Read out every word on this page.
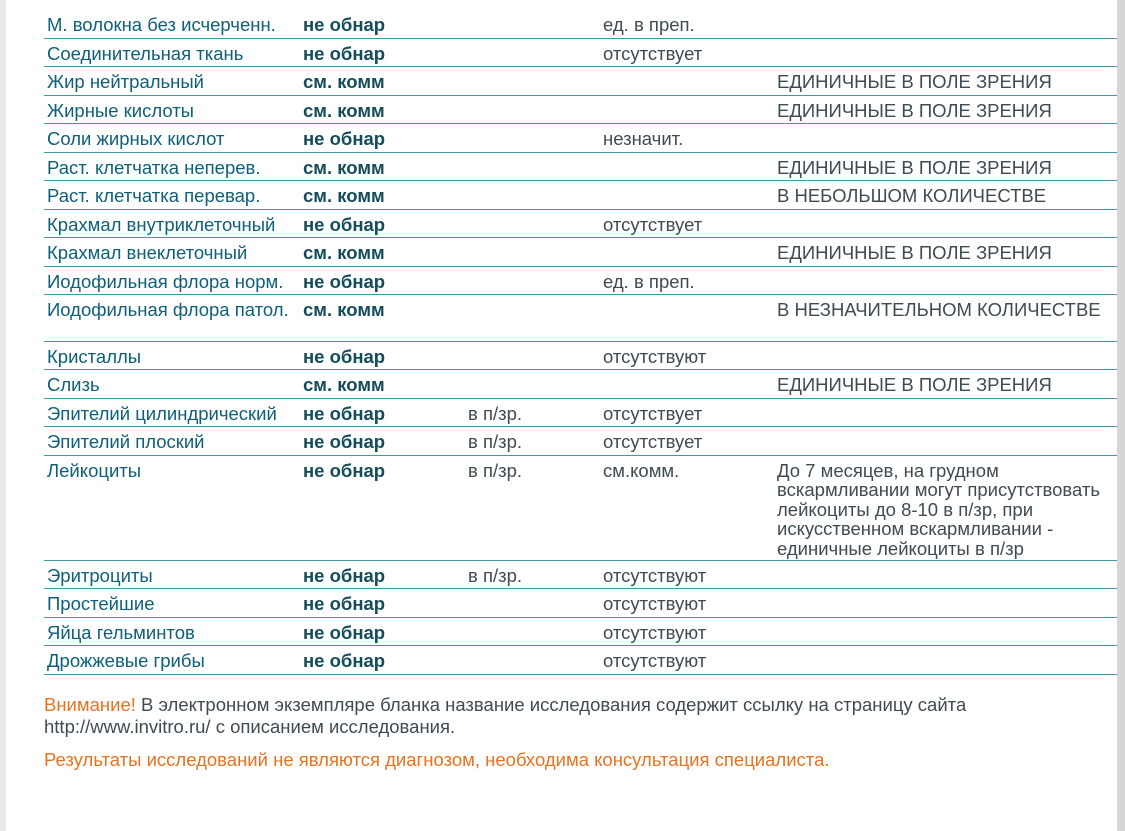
М. волокна без исчерченн.	не обнар	ед. в преп.
Соединительная ткань	не обнар	отсутствует
Жир нейтральный	см. комм	ЕДИНИЧНЫЕ В ПОЛЕ ЗРЕНИЯ
Жирные кислоты	см. комм	ЕДИНИЧНЫЕ В ПОЛЕ ЗРЕНИЯ
Соли жирных кислот	не обнар	незначит.
Раст. клетчатка неперев.	см. комм	ЕДИНИЧНЫЕ В ПОЛЕ ЗРЕНИЯ
Раст. клетчатка перевар.	см. комм	В НЕБОЛЬШОМ КОЛИЧЕСТВЕ
Крахмал внутриклеточный	не обнар	отсутствует
Крахмал внеклеточный	см. комм	ЕДИНИЧНЫЕ В ПОЛЕ ЗРЕНИЯ
Иодофильная флора норм.	не обнар	ед. в преп.
Иодофильная флора патол. см. комм	В НЕЗНАЧИТЕЛЬНОМ КОЛИЧЕСТВЕ
Кристаллы	не обнар	отсутствуют
Слизь	см. комм	ЕДИНИЧНЫЕ В ПОЛЕ ЗРЕНИЯ
Эпителий цилиндрический	не обнар	в п/зр.	отсутствует
Эпителий плоский	не обнар	в п/зр.	отсутствует
Лейкоциты	не обнар	в п/зр.	см.комм.	До 7 месяцев, на грудном вскармливании могут присутствовать лейкоциты до 8-10 в п/зр, при искусственном вскармливании - единичные лейкоциты в п/зр
Эритроциты	не обнар	в п/зр.	отсутствуют
Простейшие	не обнар	отсутствуют
Яйца гельминтов	не обнар	отсутствуют
Дрожжевые грибы	не обнар	отсутствуют
Внимание! В электронном экземпляре бланка название исследования содержит ссылку на страницу сайта http://www.invitro.ru/ с описанием исследования.
Результаты исследований не являются диагнозом, необходима консультация специалиста.
